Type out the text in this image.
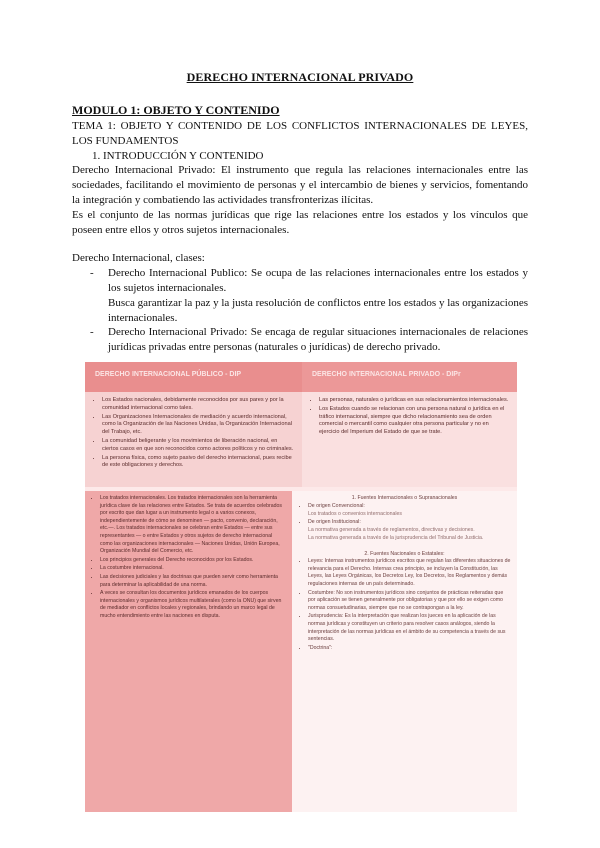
DERECHO INTERNACIONAL PRIVADO
MODULO 1: OBJETO Y CONTENIDO
TEMA 1: OBJETO Y CONTENIDO DE LOS CONFLICTOS INTERNACIONALES DE LEYES, LOS FUNDAMENTOS
1. INTRODUCCIÓN Y CONTENIDO
Derecho Internacional Privado: El instrumento que regula las relaciones internacionales entre las sociedades, facilitando el movimiento de personas y el intercambio de bienes y servicios, fomentando la integración y combatiendo las actividades transfronterizas ilícitas.
Es el conjunto de las normas jurídicas que rige las relaciones entre los estados y los vínculos que poseen entre ellos y otros sujetos internacionales.
Derecho Internacional, clases:
- Derecho Internacional Publico: Se ocupa de las relaciones internacionales entre los estados y los sujetos internacionales.
Busca garantizar la paz y la justa resolución de conflictos entre los estados y las organizaciones internacionales.
- Derecho Internacional Privado: Se encaga de regular situaciones internacionales de relaciones jurídicas privadas entre personas (naturales o jurídicas) de derecho privado.
DERECHO INTERNACIONAL PÚBLICO - DIP	DERECHO INTERNACIONAL PRIVADO - DIPr
• Los Estados nacionales, debidamente reconocidos por sus pares y por la comunidad internacional como tales.
• Las Organizaciones Internacionales de mediación y acuerdo internacional, como la Organización de las Naciones Unidas, la Organización Internacional del Trabajo, etc.
• La comunidad beligerante y los movimientos de liberación nacional, en ciertos casos en que son reconocidos como actores políticos y no criminales.
• La persona física, como sujeto pasivo del derecho internacional, pues recibe de este obligaciones y derechos.
• Las personas, naturales o jurídicas en sus relacionamientos internacionales.
• Los Estados cuando se relacionan con una persona natural o jurídica en el tráfico internacional, siempre que dicho relacionamiento sea de orden comercial o mercantil como cualquier otra persona particular y no en ejercicio del Imperium del Estado de que se trate.
• Los tratados internacionales. Los tratados internacionales son la herramienta jurídica clave de las relaciones entre Estados. Se trata de acuerdos celebrados por escrito que dan lugar a un instrumento legal o a varios conexos, independientemente de cómo se denominen — pacto, convenio, declaración, etc.—. Los tratados internacionales se celebran entre Estados — entre sus representantes — o entre Estados y otros sujetos de derecho internacional como las organizaciones internacionales — Naciones Unidas, Unión Europea, Organización Mundial del Comercio, etc.
• Los principios generales del Derecho reconocidos por los Estados.
• La costumbre internacional.
• Las decisiones judiciales y las doctrinas que pueden servir como herramienta para determinar la aplicabilidad de una norma.
• A veces se consultan los documentos jurídicos emanados de los cuerpos internacionales y organismos jurídicos multilaterales (como la ONU) que sirven de mediador en conflictos locales y regionales, brindando un marco legal de mucho entendimiento entre las naciones en disputa.
1. Fuentes Internacionales o Supranacionales
• De origen Convencional:
Los tratados o convenios internacionales
• De origen Institucional:
La normativa generada a través de reglamentos, directivas y decisiones.
La normativa generada a través de la jurisprudencia del Tribunal de Justicia.
2. Fuentes Nacionales o Estatales:
• Leyes: Internas instrumentos jurídicos escritos que regulan las diferentes situaciones de relevancia para el Derecho. Internas crea principio, se incluyen la Constitución, las Leyes, las Leyes Orgánicas, los Decretos Ley, los Decretos, los Reglamentos y demás regulaciones internas de un país determinado.
• Costumbre: No son instrumentos jurídicos sino conjuntos de prácticas reiteradas que por aplicación se tienen generalmente por obligatorias y que por ello se exigen como normas consuetudinarias, siempre que no se contrapongan a la ley.
• Jurisprudencia: Es la interpretación que realizan los jueces en la aplicación de las normas jurídicas y constituyen un criterio para resolver casos análogos, siendo la interpretación de las normas jurídicas en el ámbito de su competencia a través de sus sentencias.
• "Doctrina":
